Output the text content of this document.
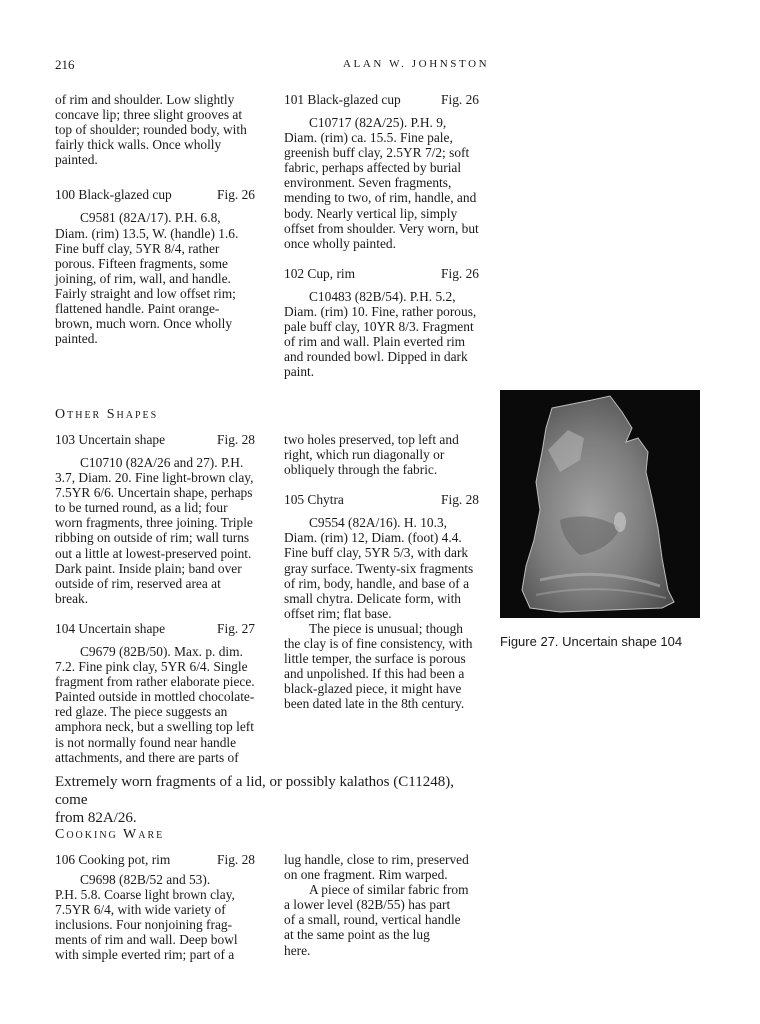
216	ALAN W. JOHNSTON

of rim and shoulder. Low slightly
concave lip; three slight grooves at
top of shoulder; rounded body, with
fairly thick walls. Once wholly
painted.

100 Black-glazed cup	Fig. 26

C9581 (82A/17). P.H. 6.8,
Diam. (rim) 13.5, W. (handle) 1.6.
Fine buff clay, 5YR 8/4, rather
porous. Fifteen fragments, some
joining, of rim, wall, and handle.
Fairly straight and low offset rim;
flattened handle. Paint orange-
brown, much worn. Once wholly
painted.

101 Black-glazed cup	Fig. 26

C10717 (82A/25). P.H. 9,
Diam. (rim) ca. 15.5. Fine pale,
greenish buff clay, 2.5YR 7/2; soft
fabric, perhaps affected by burial
environment. Seven fragments,
mending to two, of rim, handle, and
body. Nearly vertical lip, simply
offset from shoulder. Very worn, but
once wholly painted.

102 Cup, rim	Fig. 26

C10483 (82B/54). P.H. 5.2,
Diam. (rim) 10. Fine, rather porous,
pale buff clay, 10YR 8/3. Fragment
of rim and wall. Plain everted rim
and rounded bowl. Dipped in dark
paint.

Other Shapes
103 Uncertain shape	Fig. 28

C10710 (82A/26 and 27). P.H.
3.7, Diam. 20. Fine light-brown clay,
7.5YR 6/6. Uncertain shape, perhaps
to be turned round, as a lid; four
worn fragments, three joining. Triple
ribbing on outside of rim; wall turns
out a little at lowest-preserved point.
Dark paint. Inside plain; band over
outside of rim, reserved area at break.

104 Uncertain shape	Fig. 27

C9679 (82B/50). Max. p. dim.
7.2. Fine pink clay, 5YR 6/4. Single
fragment from rather elaborate piece.
Painted outside in mottled chocolate-
red glaze. The piece suggests an
amphora neck, but a swelling top left
is not normally found near handle
attachments, and there are parts of

two holes preserved, top left and
right, which run diagonally or
obliquely through the fabric.

105 Chytra	Fig. 28

C9554 (82A/16). H. 10.3,
Diam. (rim) 12, Diam. (foot) 4.4.
Fine buff clay, 5YR 5/3, with dark
gray surface. Twenty-six fragments
of rim, body, handle, and base of a
small chytra. Delicate form, with
offset rim; flat base.

The piece is unusual; though
the clay is of fine consistency, with
little temper, the surface is porous
and unpolished. If this had been a
black-glazed piece, it might have
been dated late in the 8th century.

Figure 27. Uncertain shape 104
Extremely worn fragments of a lid, or possibly kalathos (C11248), come
from 82A/26.
Cooking Ware
106 Cooking pot, rim	Fig. 28

C9698 (82B/52 and 53).
P.H. 5.8. Coarse light brown clay,
7.5YR 6/4, with wide variety of
inclusions. Four nonjoining frag-
ments of rim and wall. Deep bowl
with simple everted rim; part of a

lug handle, close to rim, preserved
on one fragment. Rim warped.

A piece of similar fabric from
a lower level (82B/55) has part
of a small, round, vertical handle
at the same point as the lug
here.
